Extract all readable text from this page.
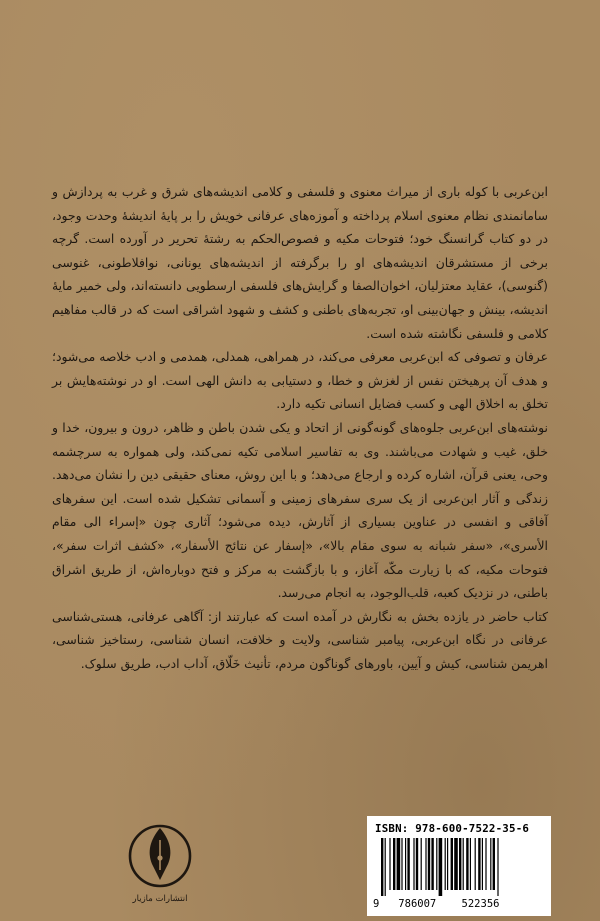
ابن‌عربی با کوله باری از میراث معنوی و فلسفی و کلامی اندیشه‌های شرق و غرب به پردازش و سامانمندی نظام معنوی اسلام پرداخته و آموزه‌های عرفانی خویش را بر پایهٔ اندیشهٔ وحدت وجود، در دو کتاب گرانسنگ خود؛ فتوحات مکیه و فصوص‌الحکم به رشتهٔ تحریر در آورده است. گرچه برخی از مستشرقان اندیشه‌های او را برگرفته از اندیشه‌های یونانی، نوافلاطونی، غنوسی (گنوسی)، عقاید معتزلیان، اخوان‌الصفا و گرایش‌های فلسفی ارسطویی دانسته‌اند، ولی خمیر مایهٔ اندیشه، بینش و جهان‌بینی او، تجربه‌های باطنی و کشف و شهود اشراقی است که در قالب مفاهیم کلامی و فلسفی نگاشته شده است.

عرفان و تصوفی که ابن‌عربی معرفی می‌کند، در همراهی، همدلی، همدمی و ادب خلاصه می‌شود؛ و هدف آن پرهیختن نفس از لغزش و خطا، و دستیابی به دانش الهی است. او در نوشته‌هایش بر تخلق به اخلاق الهی و کسب فضایل انسانی تکیه دارد.

نوشته‌های ابن‌عربی جلوه‌های گونه‌گونی از اتحاد و یکی شدن باطن و ظاهر، درون و بیرون، خدا و خلق، غیب و شهادت می‌باشند. وی به تفاسیر اسلامی تکیه نمی‌کند، ولی همواره به سرچشمه وحی، یعنی قرآن، اشاره کرده و ارجاع می‌دهد؛ و با این روش، معنای حقیقی دین را نشان می‌دهد. زندگی و آثار ابن‌عربی از یک سری سفرهای زمینی و آسمانی تشکیل شده است. این سفرهای آفاقی و انفسی در عناوین بسیاری از آثارش، دیده می‌شود؛ آثاری چون «إسراء الی مقام الأسری»، «سفر شبانه به سوی مقام بالا»، «إسفار عن نتائج الأسفار»، «کشف اثرات سفر»، فتوحات مکیه، که با زیارت مکّه آغاز، و با بازگشت به مرکز و فتح دوباره‌اش، از طریق اشراق باطنی، در نزدیک کعبه، قلب‌الوجود، به انجام می‌رسد.

کتاب حاضر در یازده بخش به نگارش در آمده است که عبارتند از: آگاهی عرفانی، هستی‌شناسی عرفانی در نگاه ابن‌عربی، پیامبر شناسی، ولایت و خلافت، انسان شناسی، رستاخیز شناسی، اهریمن شناسی، کیش و آیین، باورهای گوناگون مردم، تأنیث خَلّاق، آداب ادب، طریق سلوک.

انتشارات مازیار
ISBN: 978-600-7522-35-6
9 786007 522356
